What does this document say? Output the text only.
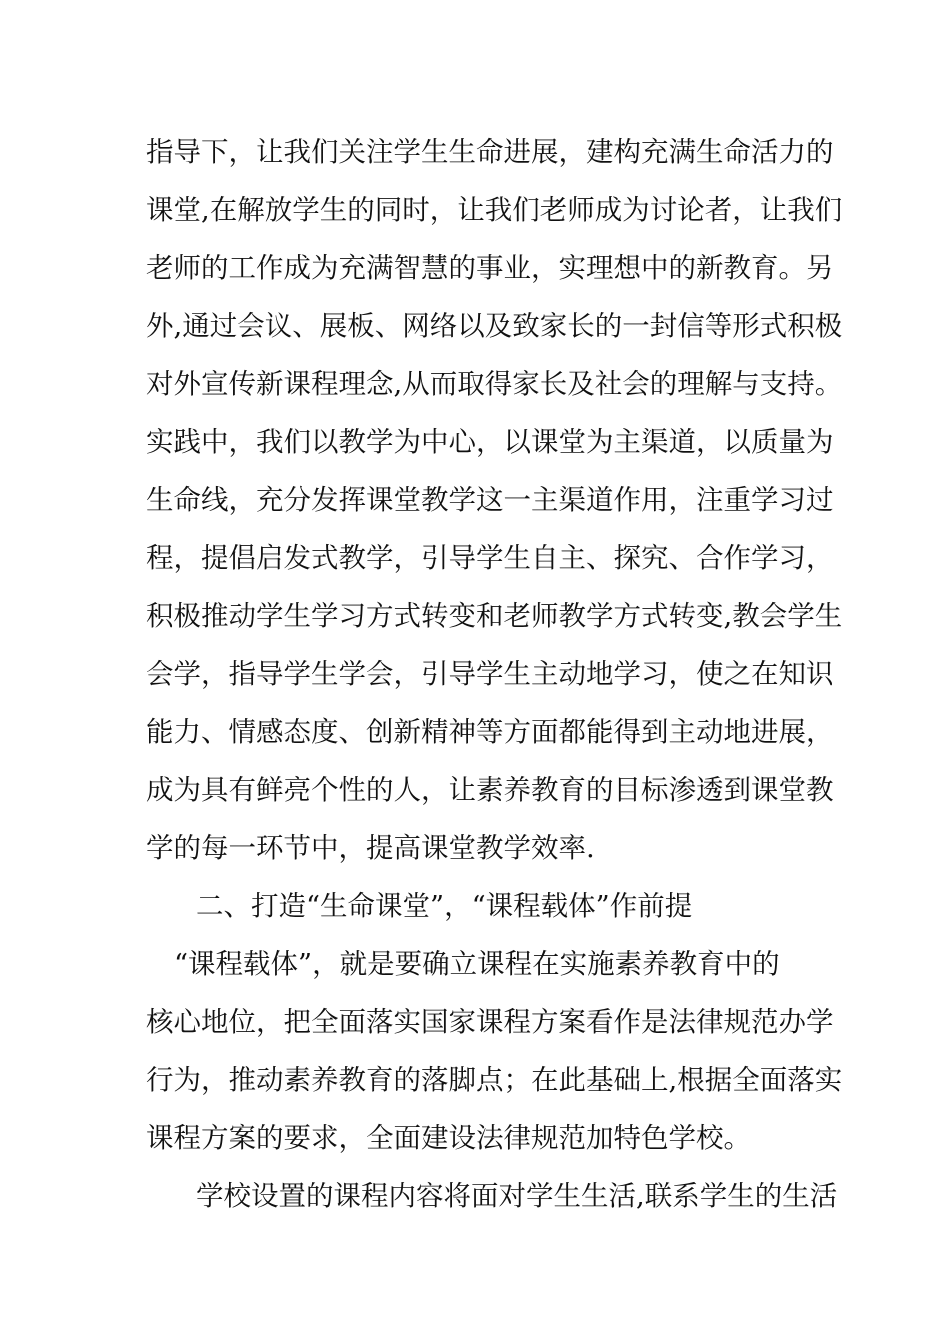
指导下，让我们关注学生生命进展，建构充满生命活力的
课堂,在解放学生的同时，让我们老师成为讨论者，让我们
老师的工作成为充满智慧的事业，实理想中的新教育。另
外,通过会议、展板、网络以及致家长的一封信等形式积极
对外宣传新课程理念,从而取得家长及社会的理解与支持。
实践中，我们以教学为中心，以课堂为主渠道，以质量为
生命线，充分发挥课堂教学这一主渠道作用，注重学习过
程，提倡启发式教学，引导学生自主、探究、合作学习，
积极推动学生学习方式转变和老师教学方式转变,教会学生
会学，指导学生学会，引导学生主动地学习，使之在知识
能力、情感态度、创新精神等方面都能得到主动地进展，
成为具有鲜亮个性的人，让素养教育的目标渗透到课堂教
学的每一环节中，提高课堂教学效率.
二、打造“生命课堂”，“课程载体”作前提
“课程载体”，就是要确立课程在实施素养教育中的
核心地位，把全面落实国家课程方案看作是法律规范办学
行为，推动素养教育的落脚点；在此基础上,根据全面落实
课程方案的要求，全面建设法律规范加特色学校。
学校设置的课程内容将面对学生生活,联系学生的生活
